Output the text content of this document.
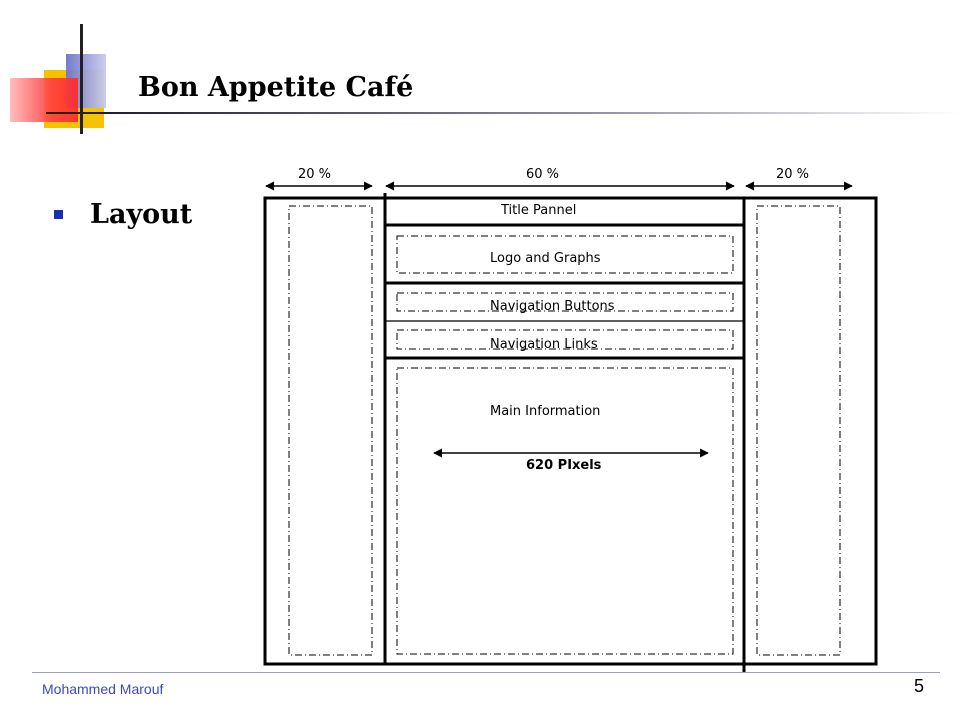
Bon Appetite Café
Layout
20 %	60 %	20 %
Title Pannel
Logo and Graphs
Navigation Buttons
Navigation Links
Main Information
620 PIxels
Mohammed Marouf	5
